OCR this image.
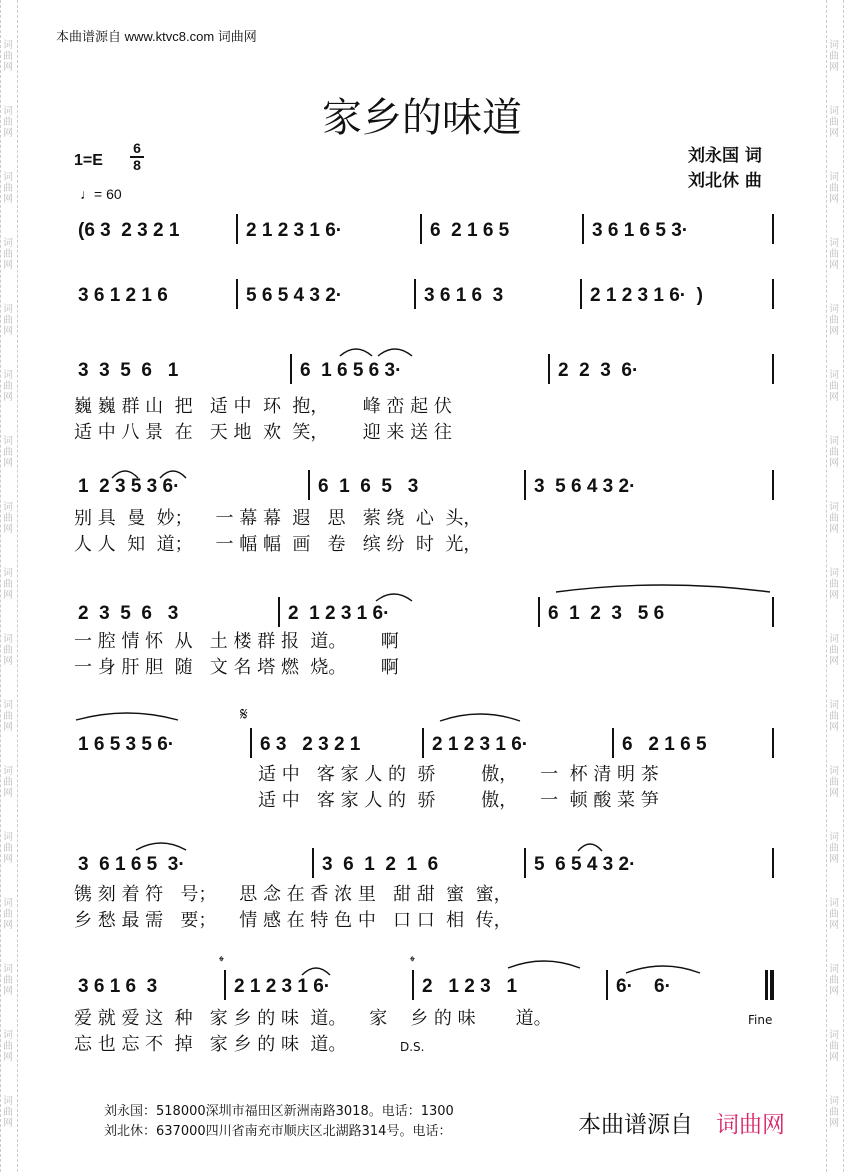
词曲网
词曲网
词曲网
词曲网
词曲网
词曲网
词曲网
词曲网
词曲网
词曲网
词曲网
词曲网
词曲网
词曲网
词曲网
词曲网
词曲网
词曲网
词曲网
词曲网
词曲网
词曲网
词曲网
词曲网
词曲网
词曲网
词曲网
词曲网
词曲网
词曲网
词曲网
词曲网
词曲网
词曲网
本曲谱源自 www.ktvc8.com 词曲网
家乡的味道
1=E
6
8
♩= 60
刘永国 词
刘北休 曲
(6 3  2 3 2 1	2 1 2 3 1 6·	6  2 1 6 5	3 6 1 6 5 3·
3 6 1 2 1 6	5 6 5 4 3 2·	3 6 1 6  3	2 1 2 3 1 6·  )
3  3  5  6   1	6  1 6 5 6 3·	2  2  3  6·
巍 巍 群 山  把   适 中  环  抱，      峰 峦 起 伏
适 中 八 景  在   天 地  欢  笑，      迎 来 送 往
1  2 3 5 3 6·	6  1  6  5   3	3  5 6 4 3 2·
别 具  曼  妙；    一 幕 幕  遐   思   萦 绕  心  头，
人 人  知  道；    一 幅 幅  画   卷   缤 纷  时  光，
2  3  5  6   3	2  1 2 3 1 6·	6  1  2  3   5 6
一 腔 情 怀  从   土 楼 群 报  道。      啊
一 身 肝 胆  随   文 名 塔 燃  烧。      啊
1 6 5 3 5 6·	6 3   2 3 2 1	2 1 2 3 1 6·	6   2 1 6 5
适 中   客 家 人 的  骄        傲，    一  杯 清 明 茶
适 中   客 家 人 的  骄        傲，    一  顿 酸 菜 笋
3  6 1 6 5  3·	3  6  1  2  1  6	5  6 5 4 3 2·
镌 刻 着 符   号；    思 念 在 香 浓 里   甜 甜  蜜  蜜，
乡 愁 最 需   要；    情 感 在 特 色 中   口 口  相  传，
3 6 1 6  3	2 1 2 3 1 6·	2   1 2 3   1	6·    6·
爱 就 爱 这  种   家 乡 的 味  道。    家    乡 的 味       道。
忘 也 忘 不  掉   家 乡 的 味  道。
𝄋
𝄌	𝄌
Fine
D.S.
刘永国：518000深圳市福田区新洲南路3018。电话：1300
刘北休：637000四川省南充市顺庆区北湖路314号。电话：	本曲谱源自 词曲网
